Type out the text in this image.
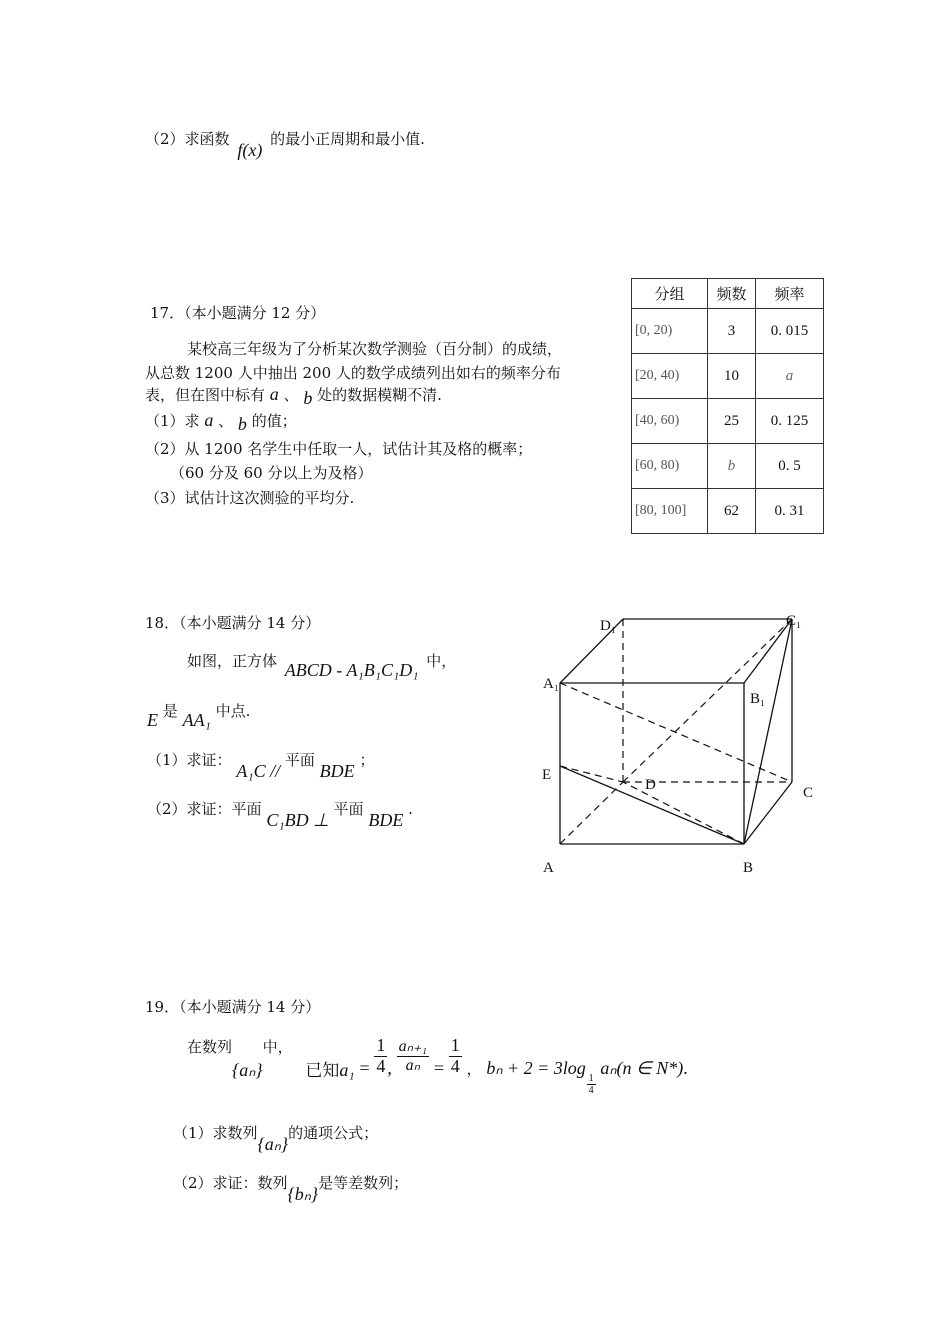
（2）求函数 f(x) 的最小正周期和最小值.
17．（本小题满分 12 分）
某校高三年级为了分析某次数学测验（百分制）的成绩，
从总数 1200 人中抽出 200 人的数学成绩列出如右的频率分布
表，但在图中标有 a 、 b 处的数据模糊不清.
（1）求 a 、 b 的值；
（2）从 1200 名学生中任取一人，试估计其及格的概率；
（60 分及 60 分以上为及格）
（3）试估计这次测验的平均分.
分组	频数	频率
[0, 20)	3	0. 015
[20, 40)	10	a
[40, 60)	25	0. 125
[60, 80)	b	0. 5
[80, 100]	62	0. 31
18．（本小题满分 14 分）
如图，正方体 ABCD - A₁B₁C₁D₁ 中，
E 是 AA₁ 中点.
（1）求证： A₁C // 平面 BDE ；
（2）求证：平面 C₁BD ⊥ 平面 BDE .
D₁	C₁
A₁
B₁
E
D	C
A	B
19．（本小题满分 14 分）
在数列{aₙ}中， 已知$a_1 = \frac{1}{4}$ , $\frac{\text{aₙ₊₁}}{\text{aₙ}} = \frac{1}{4}$ ， bₙ + 2 = 3log
$\frac{1}{4}$
aₙ(n ∈ N*).
（1）求数列{aₙ}的通项公式；
（2）求证：数列{bₙ}是等差数列；
